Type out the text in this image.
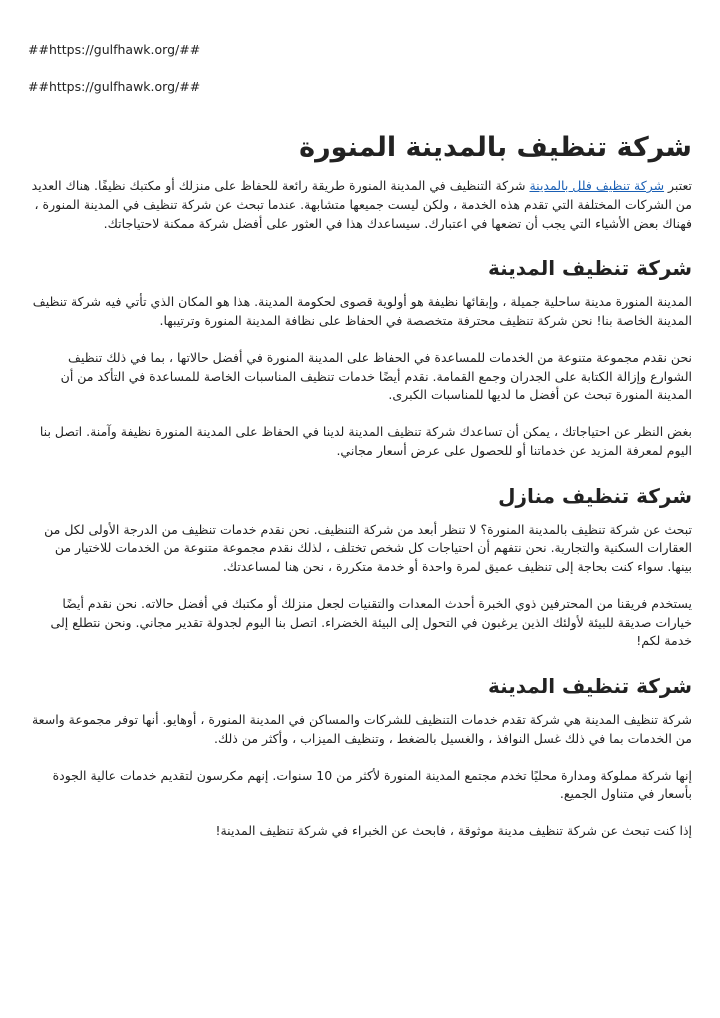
##https://gulfhawk.org/##
##https://gulfhawk.org/##
شركة تنظيف بالمدينة المنورة

تعتبر شركة تنظيف فلل بالمدينة شركة التنظيف في المدينة المنورة طريقة رائعة للحفاظ على منزلك أو مكتبك نظيفًا. هناك العديد من الشركات المختلفة التي تقدم هذه الخدمة ، ولكن ليست جميعها متشابهة. عندما تبحث عن شركة تنظيف في المدينة المنورة ، فهناك بعض الأشياء التي يجب أن تضعها في اعتبارك. سيساعدك هذا في العثور على أفضل شركة ممكنة لاحتياجاتك.

شركة تنظيف المدينة

المدينة المنورة مدينة ساحلية جميلة ، وإبقائها نظيفة هو أولوية قصوى لحكومة المدينة. هذا هو المكان الذي تأتي فيه شركة تنظيف المدينة الخاصة بنا! نحن شركة تنظيف محترفة متخصصة في الحفاظ على نظافة المدينة المنورة وترتيبها.

نحن نقدم مجموعة متنوعة من الخدمات للمساعدة في الحفاظ على المدينة المنورة في أفضل حالاتها ، بما في ذلك تنظيف الشوارع وإزالة الكتابة على الجدران وجمع القمامة. نقدم أيضًا خدمات تنظيف المناسبات الخاصة للمساعدة في التأكد من أن المدينة المنورة تبحث عن أفضل ما لديها للمناسبات الكبرى.

بغض النظر عن احتياجاتك ، يمكن أن تساعدك شركة تنظيف المدينة لدينا في الحفاظ على المدينة المنورة نظيفة وآمنة. اتصل بنا اليوم لمعرفة المزيد عن خدماتنا أو للحصول على عرض أسعار مجاني.

شركة تنظيف منازل

تبحث عن شركة تنظيف بالمدينة المنورة؟ لا تنظر أبعد من شركة التنظيف. نحن نقدم خدمات تنظيف من الدرجة الأولى لكل من العقارات السكنية والتجارية. نحن نتفهم أن احتياجات كل شخص تختلف ، لذلك نقدم مجموعة متنوعة من الخدمات للاختيار من بينها. سواء كنت بحاجة إلى تنظيف عميق لمرة واحدة أو خدمة متكررة ، نحن هنا لمساعدتك.

يستخدم فريقنا من المحترفين ذوي الخبرة أحدث المعدات والتقنيات لجعل منزلك أو مكتبك في أفضل حالاته. نحن نقدم أيضًا خيارات صديقة للبيئة لأولئك الذين يرغبون في التحول إلى البيئة الخضراء. اتصل بنا اليوم لجدولة تقدير مجاني. ونحن نتطلع إلى خدمة لكم!

شركة تنظيف المدينة

شركة تنظيف المدينة هي شركة تقدم خدمات التنظيف للشركات والمساكن في المدينة المنورة ، أوهايو. أنها توفر مجموعة واسعة من الخدمات بما في ذلك غسل النوافذ ، والغسيل بالضغط ، وتنظيف الميزاب ، وأكثر من ذلك.

إنها شركة مملوكة ومدارة محليًا تخدم مجتمع المدينة المنورة لأكثر من 10 سنوات. إنهم مكرسون لتقديم خدمات عالية الجودة بأسعار في متناول الجميع.

إذا كنت تبحث عن شركة تنظيف مدينة موثوقة ، فابحث عن الخبراء في شركة تنظيف المدينة!
